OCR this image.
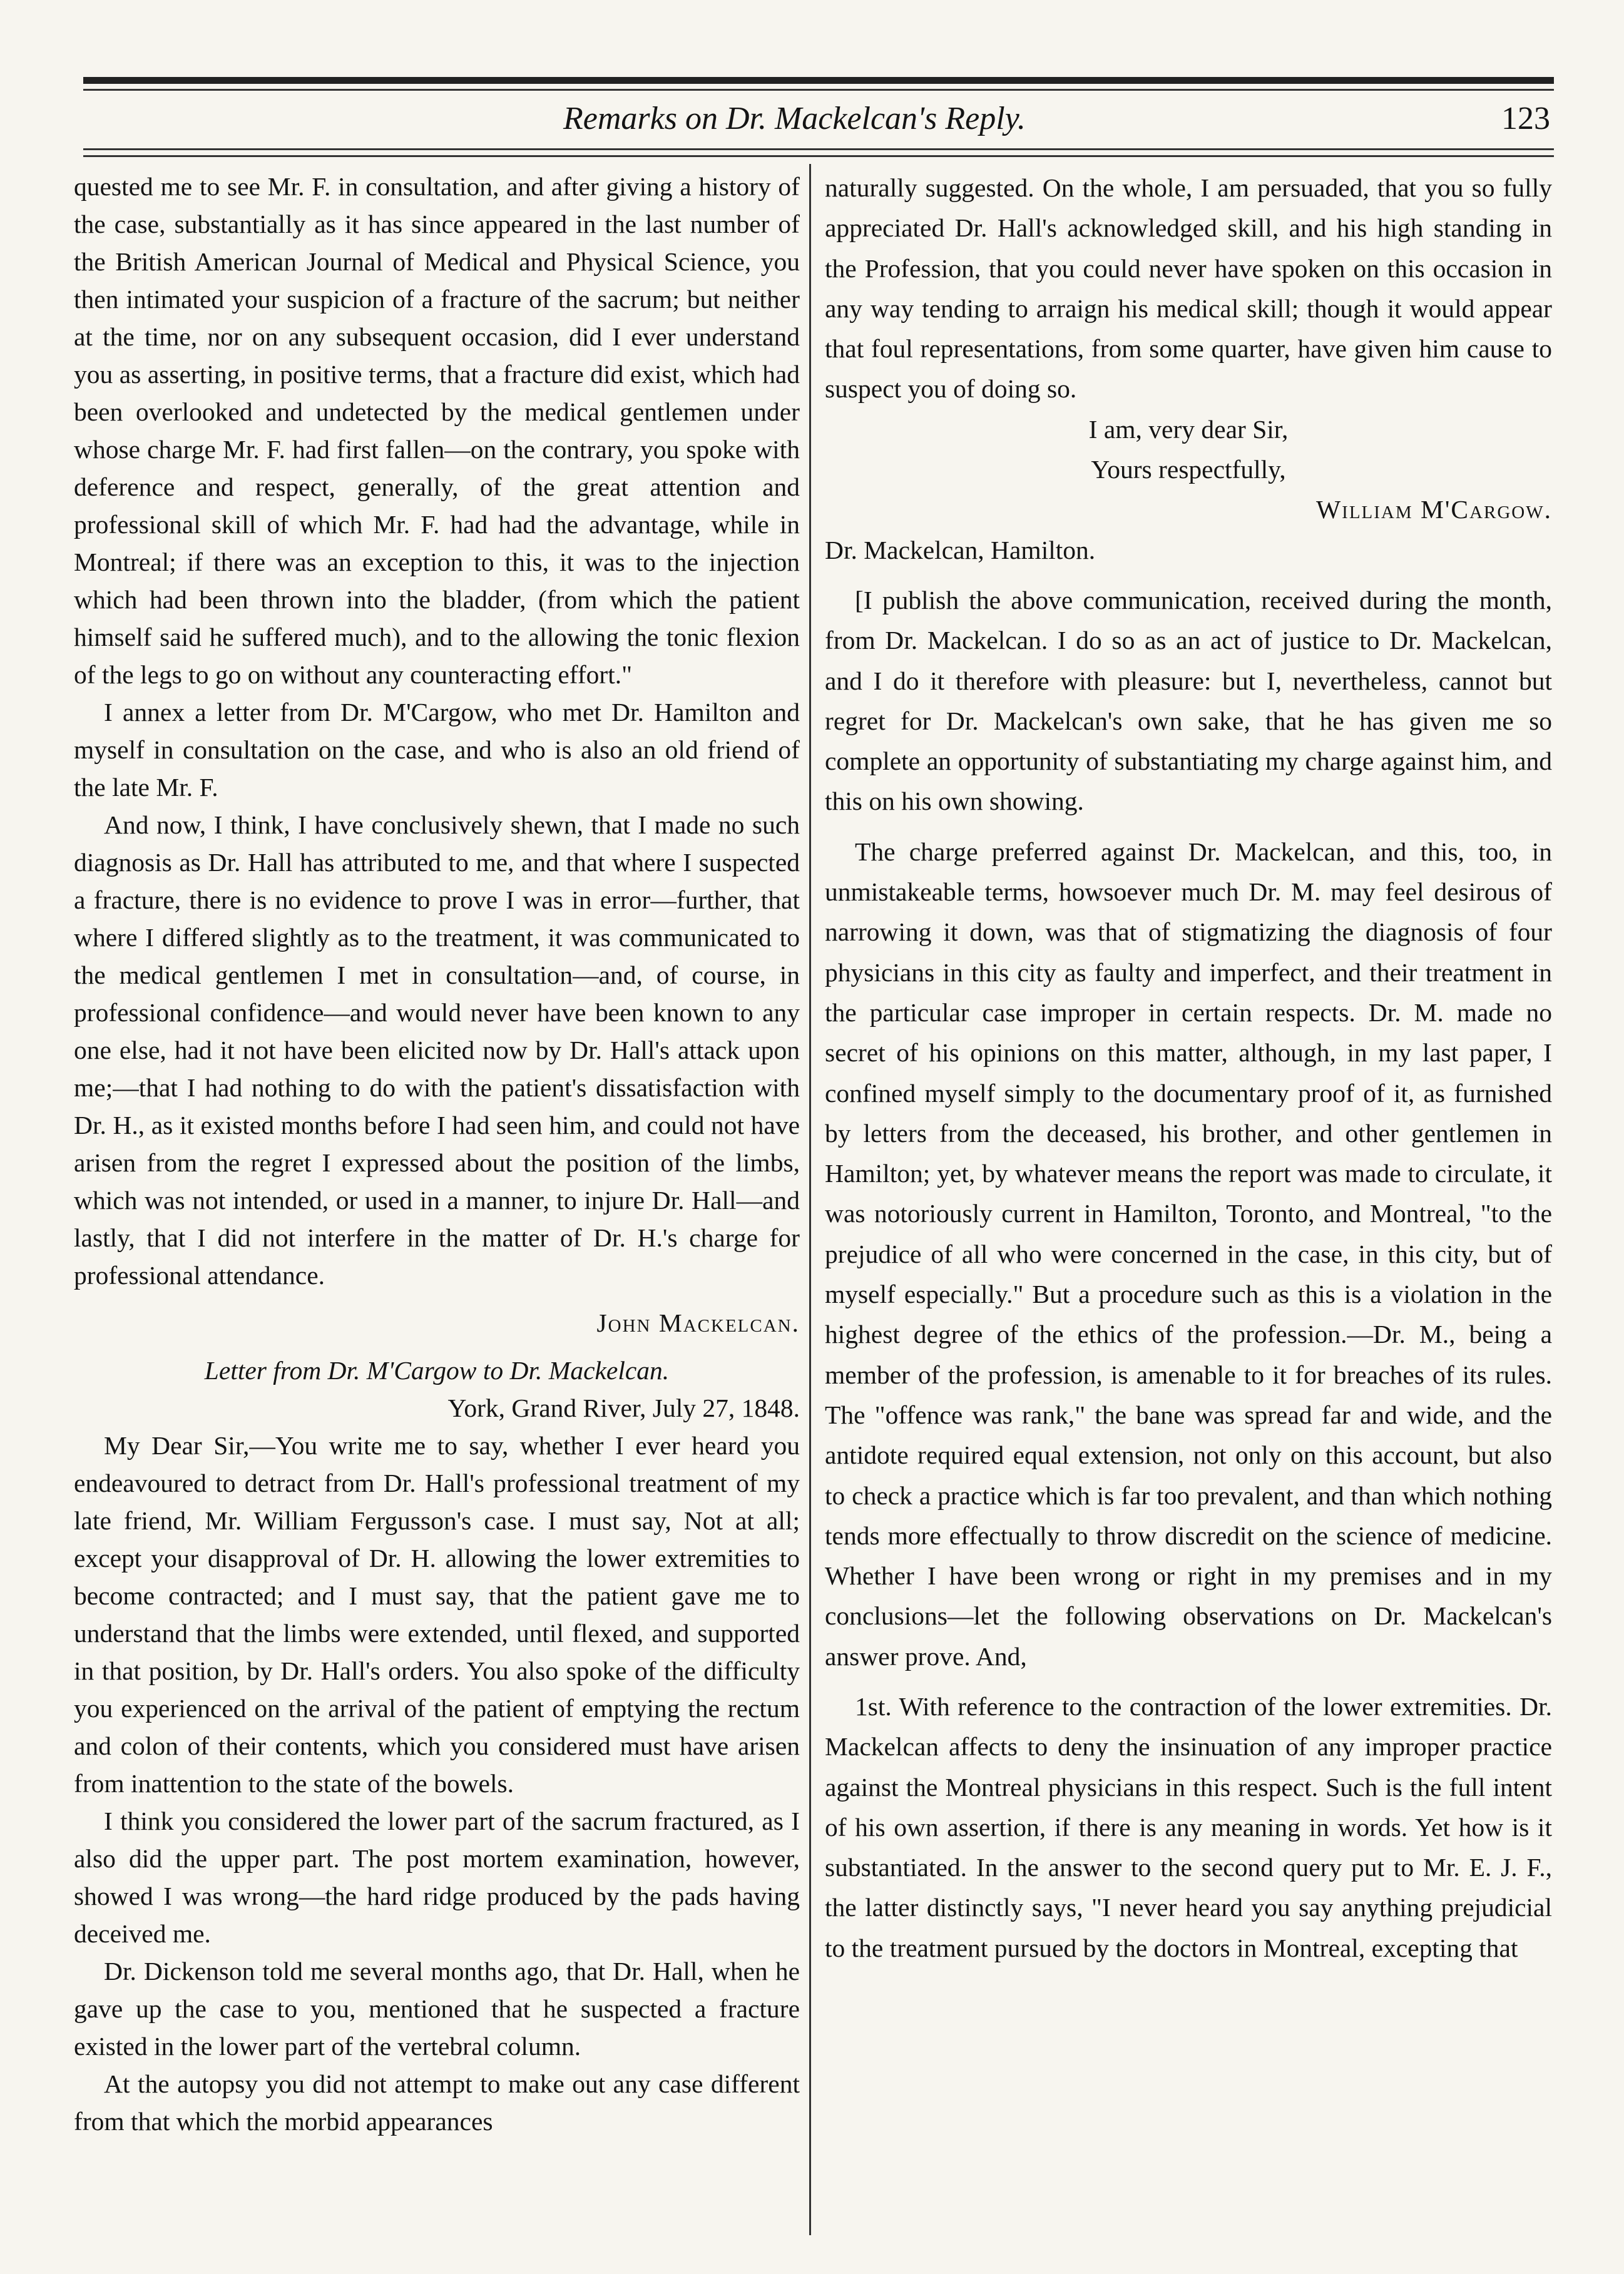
Remarks on Dr. Mackelcan's Reply.	123

quested me to see Mr. F. in consultation, and after giving a history of the case, substantially as it has since appeared in the last number of the British American Journal of Medical and Physical Science, you then intimated your suspicion of a fracture of the sacrum; but neither at the time, nor on any subsequent occasion, did I ever understand you as asserting, in positive terms, that a fracture did exist, which had been overlooked and undetected by the medical gentlemen under whose charge Mr. F. had first fallen—on the contrary, you spoke with deference and respect, generally, of the great attention and professional skill of which Mr. F. had had the advantage, while in Montreal; if there was an exception to this, it was to the injection which had been thrown into the bladder, (from which the patient himself said he suffered much), and to the allowing the tonic flexion of the legs to go on without any counteracting effort."

I annex a letter from Dr. M'Cargow, who met Dr. Hamilton and myself in consultation on the case, and who is also an old friend of the late Mr. F.

And now, I think, I have conclusively shewn, that I made no such diagnosis as Dr. Hall has attributed to me, and that where I suspected a fracture, there is no evidence to prove I was in error—further, that where I differed slightly as to the treatment, it was communicated to the medical gentlemen I met in consultation—and, of course, in professional confidence—and would never have been known to any one else, had it not have been elicited now by Dr. Hall's attack upon me;—that I had nothing to do with the patient's dissatisfaction with Dr. H., as it existed months before I had seen him, and could not have arisen from the regret I expressed about the position of the limbs, which was not intended, or used in a manner, to injure Dr. Hall—and lastly, that I did not interfere in the matter of Dr. H.'s charge for professional attendance.

John Mackelcan.

Letter from Dr. M'Cargow to Dr. Mackelcan.

York, Grand River, July 27, 1848.

My Dear Sir,—You write me to say, whether I ever heard you endeavoured to detract from Dr. Hall's professional treatment of my late friend, Mr. William Fergusson's case. I must say, Not at all; except your disapproval of Dr. H. allowing the lower extremities to become contracted; and I must say, that the patient gave me to understand that the limbs were extended, until flexed, and supported in that position, by Dr. Hall's orders. You also spoke of the difficulty you experienced on the arrival of the patient of emptying the rectum and colon of their contents, which you considered must have arisen from inattention to the state of the bowels.

I think you considered the lower part of the sacrum fractured, as I also did the upper part. The post mortem examination, however, showed I was wrong—the hard ridge produced by the pads having deceived me.

Dr. Dickenson told me several months ago, that Dr. Hall, when he gave up the case to you, mentioned that he suspected a fracture existed in the lower part of the vertebral column.

At the autopsy you did not attempt to make out any case different from that which the morbid appearances

naturally suggested. On the whole, I am persuaded, that you so fully appreciated Dr. Hall's acknowledged skill, and his high standing in the Profession, that you could never have spoken on this occasion in any way tending to arraign his medical skill; though it would appear that foul representations, from some quarter, have given him cause to suspect you of doing so.

I am, very dear Sir,

Yours respectfully,

William M'Cargow.

Dr. Mackelcan, Hamilton.

[I publish the above communication, received during the month, from Dr. Mackelcan. I do so as an act of justice to Dr. Mackelcan, and I do it therefore with pleasure: but I, nevertheless, cannot but regret for Dr. Mackelcan's own sake, that he has given me so complete an opportunity of substantiating my charge against him, and this on his own showing.

The charge preferred against Dr. Mackelcan, and this, too, in unmistakeable terms, howsoever much Dr. M. may feel desirous of narrowing it down, was that of stigmatizing the diagnosis of four physicians in this city as faulty and imperfect, and their treatment in the particular case improper in certain respects. Dr. M. made no secret of his opinions on this matter, although, in my last paper, I confined myself simply to the documentary proof of it, as furnished by letters from the deceased, his brother, and other gentlemen in Hamilton; yet, by whatever means the report was made to circulate, it was notoriously current in Hamilton, Toronto, and Montreal, "to the prejudice of all who were concerned in the case, in this city, but of myself especially." But a procedure such as this is a violation in the highest degree of the ethics of the profession.—Dr. M., being a member of the profession, is amenable to it for breaches of its rules. The "offence was rank," the bane was spread far and wide, and the antidote required equal extension, not only on this account, but also to check a practice which is far too prevalent, and than which nothing tends more effectually to throw discredit on the science of medicine. Whether I have been wrong or right in my premises and in my conclusions—let the following observations on Dr. Mackelcan's answer prove. And,

1st. With reference to the contraction of the lower extremities. Dr. Mackelcan affects to deny the insinuation of any improper practice against the Montreal physicians in this respect. Such is the full intent of his own assertion, if there is any meaning in words. Yet how is it substantiated. In the answer to the second query put to Mr. E. J. F., the latter distinctly says, "I never heard you say anything prejudicial to the treatment pursued by the doctors in Montreal, excepting that
